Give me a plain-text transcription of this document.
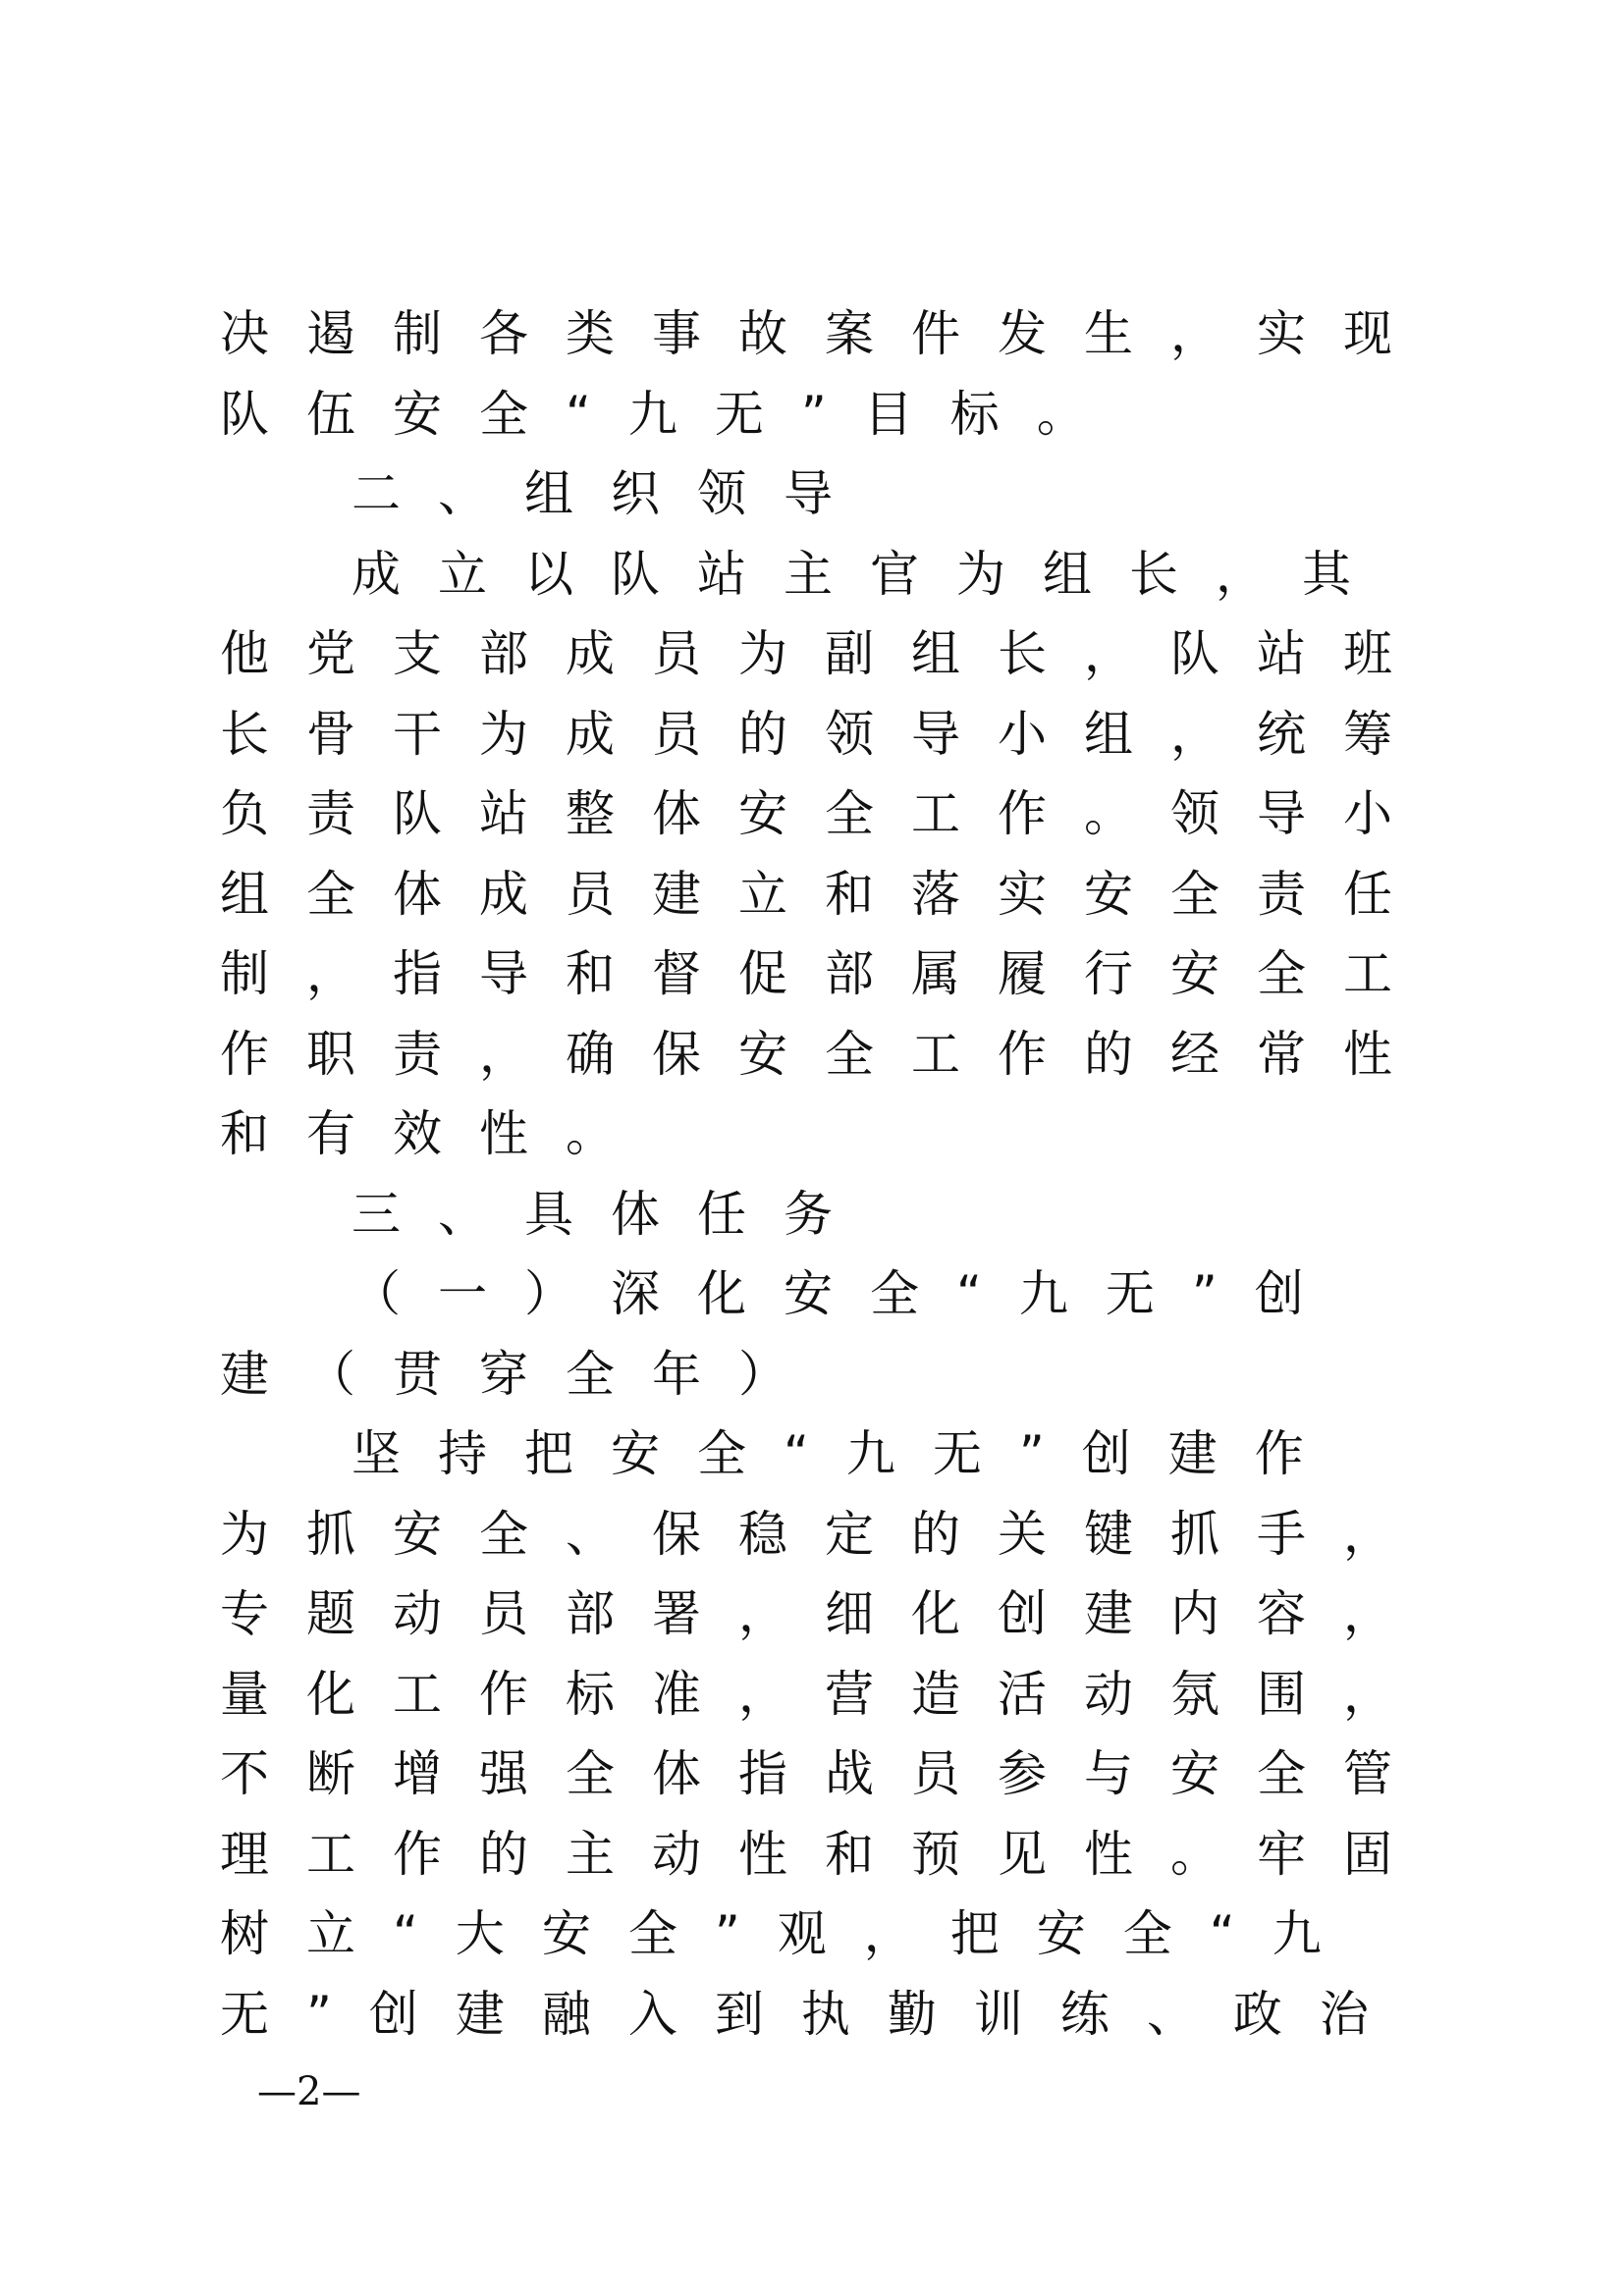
决遏制各类事故案件发生，实现
队伍安全“九无”目标。
二、组织领导
成立以队站主官为组长，其
他党支部成员为副组长，队站班
长骨干为成员的领导小组，统筹
负责队站整体安全工作。领导小
组全体成员建立和落实安全责任
制，指导和督促部属履行安全工
作职责，确保安全工作的经常性
和有效性。
三、具体任务
（一）深化安全“九无”创
建（贯穿全年）
坚持把安全“九无”创建作
为抓安全、保稳定的关键抓手，
专题动员部署，细化创建内容，
量化工作标准，营造活动氛围，
不断增强全体指战员参与安全管
理工作的主动性和预见性。牢固
树立“大安全”观，把安全“九
无”创建融入到执勤训练、政治
—2—
